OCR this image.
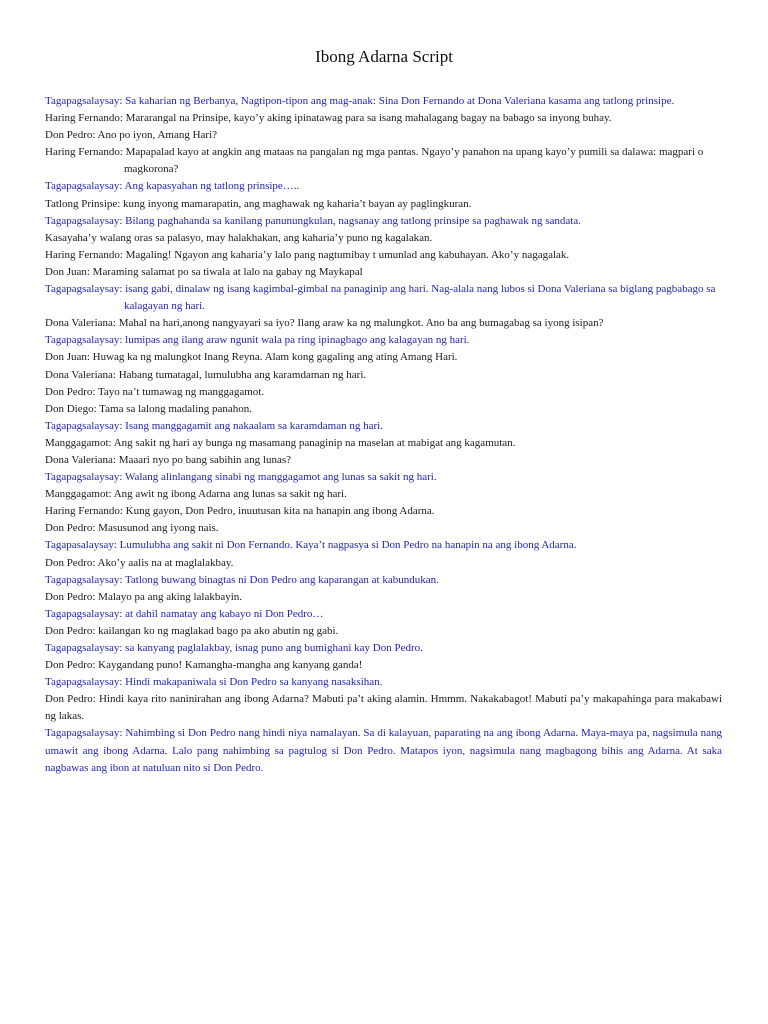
Ibong Adarna Script

Tagapagsalaysay: Sa kaharian ng Berbanya, Nagtipon-tipon ang mag-anak: Sina Don Fernando at Dona Valeriana kasama ang tatlong prinsipe.

Haring Fernando: Mararangal na Prinsipe, kayo’y aking ipinatawag para sa isang mahalagang bagay na babago sa inyong buhay.

Don Pedro: Ano po iyon, Amang Hari?

Haring Fernando: Mapapalad kayo at angkin ang mataas na pangalan ng mga pantas. Ngayo’y panahon na upang kayo’y pumili sa dalawa: magpari o magkorona?

Tagapagsalaysay: Ang kapasyahan ng tatlong prinsipe…..

Tatlong Prinsipe: kung inyong mamarapatin, ang maghawak ng kaharia’t bayan ay paglingkuran.

Tagapagsalaysay: Bilang paghahanda sa kanilang panunungkulan, nagsanay ang tatlong prinsipe sa paghawak ng sandata.

Kasayaha’y walang oras sa palasyo, may halakhakan, ang kaharia’y puno ng kagalakan.

Haring Fernando: Magaling! Ngayon ang kaharia’y lalo pang nagtumibay t umunlad ang kabuhayan. Ako’y nagagalak.

Don Juan: Maraming salamat po sa tiwala at lalo na gabay ng Maykapal

Tagapagsalaysay: isang gabi, dinalaw ng isang kagimbal-gimbal na panaginip ang hari. Nag-alala nang lubos si Dona Valeriana sa biglang pagbabago sa kalagayan ng hari.

Dona Valeriana: Mahal na hari,anong nangyayari sa iyo? Ilang araw ka ng malungkot. Ano ba ang bumagabag sa iyong isipan?

Tagapagsalaysay: lumipas ang ilang araw ngunit wala pa ring ipinagbago ang kalagayan ng hari.

Don Juan: Huwag ka ng malungkot Inang Reyna. Alam kong gagaling ang ating Amang Hari.

Dona Valeriana: Habang tumatagal, lumulubha ang karamdaman ng hari.

Don Pedro: Tayo na’t tumawag ng manggagamot.

Don Diego: Tama sa lalong madaling panahon.

Tagapagsalaysay: Isang manggagamit ang nakaalam sa karamdaman ng hari.

Manggagamot: Ang sakit ng hari ay bunga ng masamang panaginip na maselan at mabigat ang kagamutan.

Dona Valeriana: Maaari nyo po bang sabihin ang lunas?

Tagapagsalaysay: Walang alinlangang sinabi ng manggagamot ang lunas sa sakit ng hari.

Manggagamot: Ang awit ng ibong Adarna ang lunas sa sakit ng hari.

Haring Fernando: Kung gayon, Don Pedro, inuutusan kita na hanapin ang ibong Adarna.

Don Pedro: Masusunod ang iyong nais.

Tagapasalaysay: Lumulubha ang sakit ni Don Fernando. Kaya’t nagpasya si Don Pedro na hanapin na ang ibong Adarna.

Don Pedro: Ako’y aalis na at maglalakbay.

Tagapagsalaysay: Tatlong buwang binagtas ni Don Pedro ang kaparangan at kabundukan.

Don Pedro: Malayo pa ang aking lalakbayin.

Tagapagsalaysay: at dahil namatay ang kabayo ni Don Pedro…

Don Pedro: kailangan ko ng maglakad bago pa ako abutin ng gabi.

Tagapagsalaysay: sa kanyang paglalakbay, isnag puno ang bumighani kay Don Pedro.

Don Pedro: Kaygandang puno! Kamangha-mangha ang kanyang ganda!

Tagapagsalaysay: Hindi makapaniwala si Don Pedro sa kanyang nasaksihan.

Don Pedro: Hindi kaya rito naninirahan ang ibong Adarna? Mabuti pa’t aking alamin. Hmmm. Nakakabagot! Mabuti pa’y makapahinga para makabawi ng lakas.

Tagapagsalaysay: Nahimbing si Don Pedro nang hindi niya namalayan. Sa di kalayuan, paparating na ang ibong Adarna. Maya-maya pa, nagsimula nang umawit ang ibong Adarna. Lalo pang nahimbing sa pagtulog si Don Pedro. Matapos iyon, nagsimula nang magbagong bihis ang Adarna. At saka nagbawas ang ibon at natuluan nito si Don Pedro.
